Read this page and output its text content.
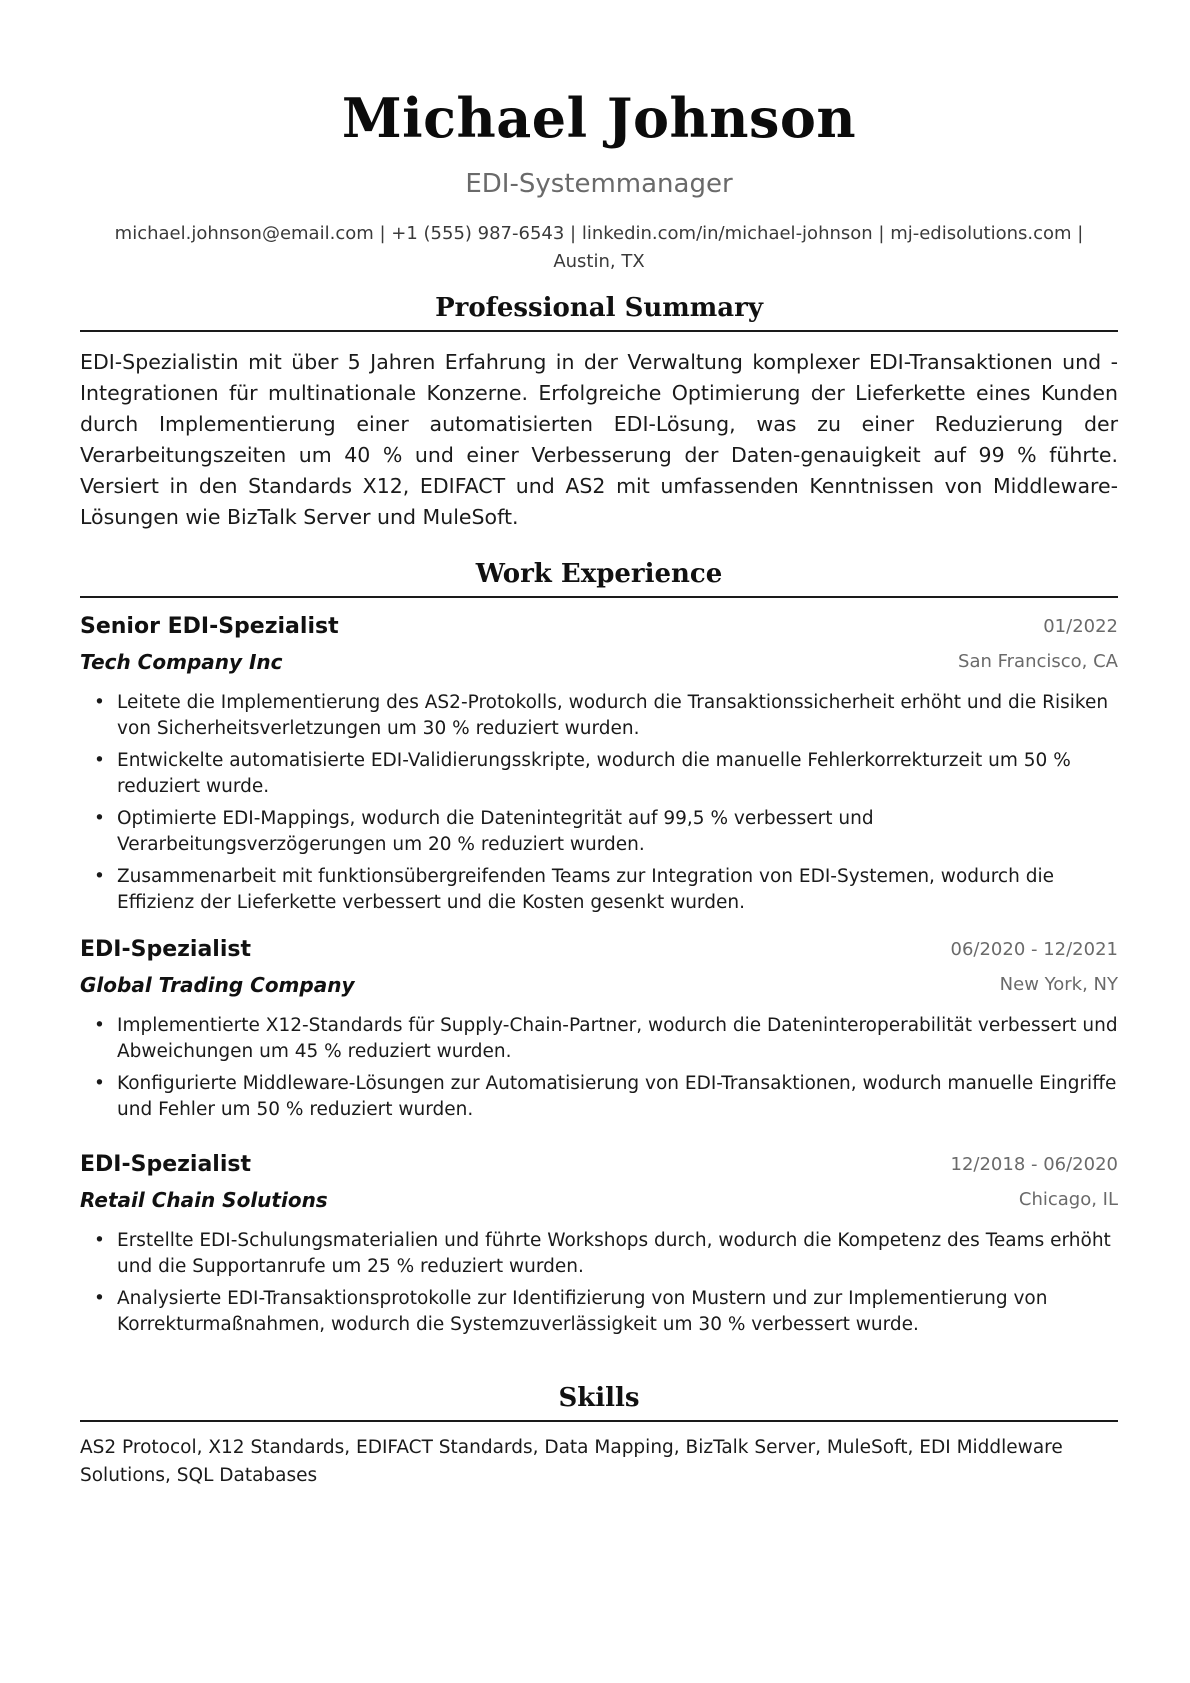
Michael Johnson
EDI-Systemmanager
michael.johnson@email.com | +1 (555) 987-6543 | linkedin.com/in/michael-johnson | mj-edisolutions.com |
Austin, TX
Professional Summary
EDI-Spezialistin mit über 5 Jahren Erfahrung in der Verwaltung komplexer EDI-Transaktionen und -Integrationen für multinationale Konzerne. Erfolgreiche Optimierung der Lieferkette eines Kunden durch Implementierung einer automatisierten EDI-Lösung, was zu einer Reduzierung der Verarbeitungszeiten um 40 % und einer Verbesserung der Daten-genauigkeit auf 99 % führte. Versiert in den Standards X12, EDIFACT und AS2 mit umfassenden Kenntnissen von Middleware-Lösungen wie BizTalk Server und MuleSoft.
Work Experience
Senior EDI-Spezialist	01/2022
Tech Company Inc	San Francisco, CA
• Leitete die Implementierung des AS2-Protokolls, wodurch die Transaktionssicherheit erhöht und die Risiken von Sicherheitsverletzungen um 30 % reduziert wurden.
• Entwickelte automatisierte EDI-Validierungsskripte, wodurch die manuelle Fehlerkorrekturzeit um 50 % reduziert wurde.
• Optimierte EDI-Mappings, wodurch die Datenintegrität auf 99,5 % verbessert und Verarbeitungsverzögerungen um 20 % reduziert wurden.
• Zusammenarbeit mit funktionsübergreifenden Teams zur Integration von EDI-Systemen, wodurch die Effizienz der Lieferkette verbessert und die Kosten gesenkt wurden.
EDI-Spezialist	06/2020 - 12/2021
Global Trading Company	New York, NY
• Implementierte X12-Standards für Supply-Chain-Partner, wodurch die Dateninteroperabilität verbessert und Abweichungen um 45 % reduziert wurden.
• Konfigurierte Middleware-Lösungen zur Automatisierung von EDI-Transaktionen, wodurch manuelle Eingriffe und Fehler um 50 % reduziert wurden.
EDI-Spezialist	12/2018 - 06/2020
Retail Chain Solutions	Chicago, IL
• Erstellte EDI-Schulungsmaterialien und führte Workshops durch, wodurch die Kompetenz des Teams erhöht und die Supportanrufe um 25 % reduziert wurden.
• Analysierte EDI-Transaktionsprotokolle zur Identifizierung von Mustern und zur Implementierung von Korrekturmaßnahmen, wodurch die Systemzuverlässigkeit um 30 % verbessert wurde.
Skills
AS2 Protocol, X12 Standards, EDIFACT Standards, Data Mapping, BizTalk Server, MuleSoft, EDI Middleware Solutions, SQL Databases
